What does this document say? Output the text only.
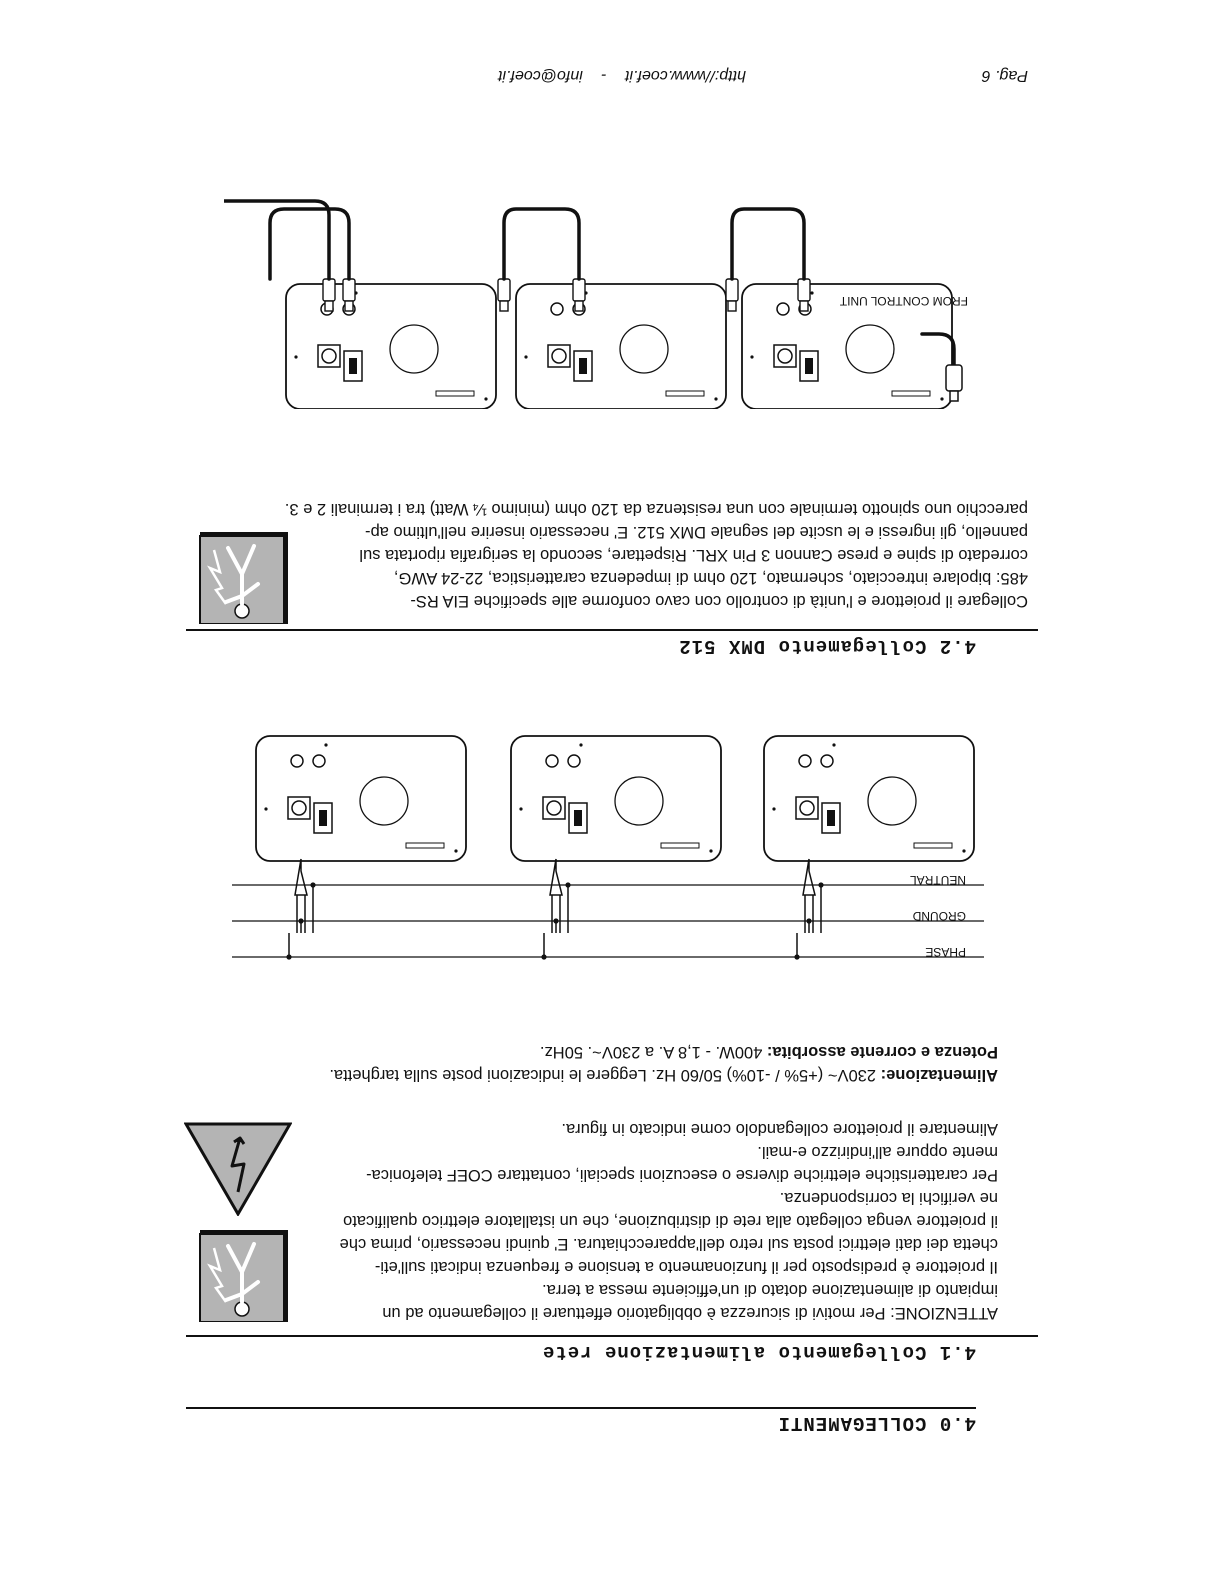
Pag. 6
http://www.coef.it - info@coef.it
4.0 COLLEGAMENTI
4.1 Collegamento alimentazione rete

ATTENZIONE: Per motivi di sicurezza è obbligatorio effettuare il collegamento ad un

impianto di alimentazione dotato di un'efficiente messa a terra.

Il proiettore è predisposto per il funzionamento a tensione e frequenza indicati sull'eti-

chetta dei dati elettrici posta sul retro dell'apparecchiatura. E' quindi necessario, prima che

il proiettore venga collegato alla rete di distribuzione, che un istallatore elettrico qualificato

ne verifichi la corrispondenza.

Per caratteristiche elettriche diverse o esecuzioni speciali, contattare COEF telefonica-

mente oppure all'indirizzo e-mail.

Alimentare il proiettore collegandolo come indicato in figura.

Alimentazione: 230V~ (+5% / -10%) 50/60 Hz. Leggere le indicazioni poste sulla targhetta.

Potenza e corrente assorbita: 400W. - 1,8 A. a 230V~. 50Hz.

PHASE
GROUND
NEUTRAL
4.2 Collegamento DMX 512

Collegare il proiettore e l'unità di controllo con cavo conforme alle specifiche EIA RS-

485: bipolare intrecciato, schermato, 120 ohm di impedenza caratteristica, 22-24 AWG,

corredato di spine e prese Cannon 3 Pin XRL. Rispettare, secondo la serigrafia riportata sul

pannello, gli ingressi e le uscite del segnale DMX 512. E' necessario inserire nell'ultimo ap-

parecchio uno spinotto terminale con una resistenza da 120 ohm (minimo ¼ Watt) tra i terminali 2 e 3.

FROM CONTROL UNIT
